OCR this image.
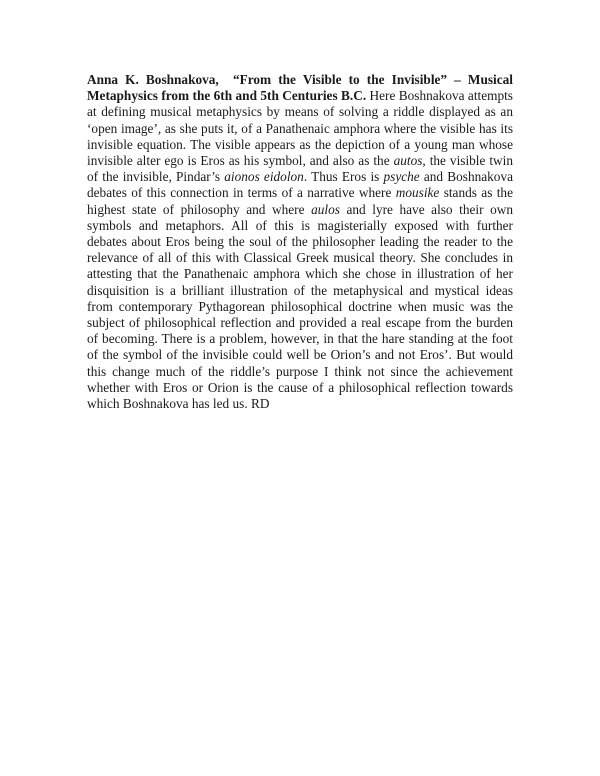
Anna K. Boshnakova, “From the Visible to the Invisible” – Musical Metaphysics from the 6th and 5th Centuries B.C. Here Boshnakova attempts at defining musical metaphysics by means of solving a riddle displayed as an ‘open image’, as she puts it, of a Panathenaic amphora where the visible has its invisible equation. The visible appears as the depiction of a young man whose invisible alter ego is Eros as his symbol, and also as the autos, the visible twin of the invisible, Pindar’s aionos eidolon. Thus Eros is psyche and Boshnakova debates of this connection in terms of a narrative where mousike stands as the highest state of philosophy and where aulos and lyre have also their own symbols and metaphors. All of this is magisterially exposed with further debates about Eros being the soul of the philosopher leading the reader to the relevance of all of this with Classical Greek musical theory. She concludes in attesting that the Panathenaic amphora which she chose in illustration of her disquisition is a brilliant illustration of the metaphysical and mystical ideas from contemporary Pythagorean philosophical doctrine when music was the subject of philosophical reflection and provided a real escape from the burden of becoming. There is a problem, however, in that the hare standing at the foot of the symbol of the invisible could well be Orion’s and not Eros’. But would this change much of the riddle’s purpose I think not since the achievement whether with Eros or Orion is the cause of a philosophical reflection towards which Boshnakova has led us. RD
